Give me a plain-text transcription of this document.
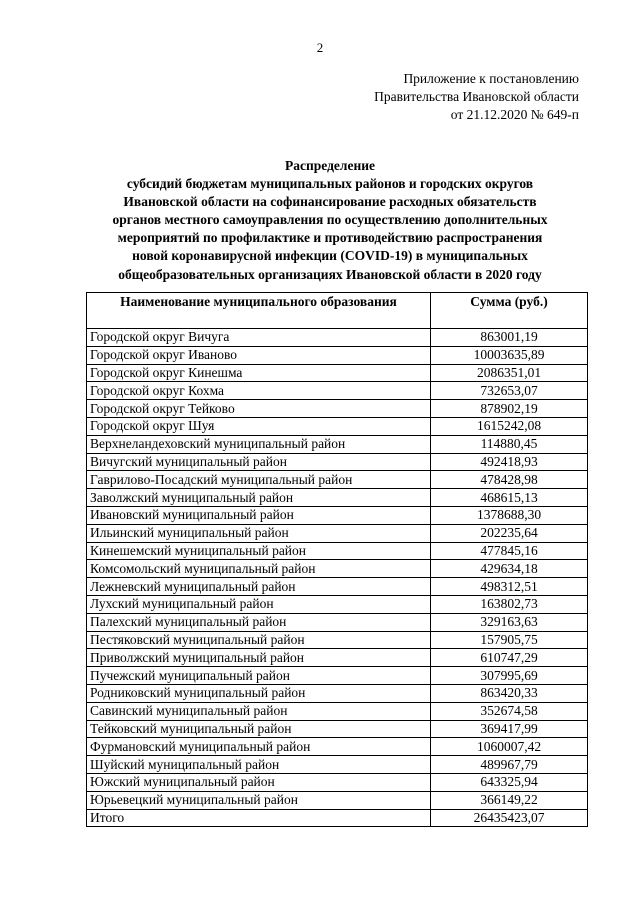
2
Приложение к постановлению
Правительства Ивановской области
от 21.12.2020 № 649-п
Распределение
субсидий бюджетам муниципальных районов и городских округов
Ивановской области на софинансирование расходных обязательств
органов местного самоуправления по осуществлению дополнительных
мероприятий по профилактике и противодействию распространения
новой коронавирусной инфекции (COVID-19) в муниципальных
общеобразовательных организациях Ивановской области в 2020 году
Наименование муниципального образования	Сумма (руб.)
Городской округ Вичуга	863001,19
Городской округ Иваново	10003635,89
Городской округ Кинешма	2086351,01
Городской округ Кохма	732653,07
Городской округ Тейково	878902,19
Городской округ Шуя	1615242,08
Верхнеландеховский муниципальный район	114880,45
Вичугский муниципальный район	492418,93
Гаврилово-Посадский муниципальный район	478428,98
Заволжский муниципальный район	468615,13
Ивановский муниципальный район	1378688,30
Ильинский муниципальный район	202235,64
Кинешемский муниципальный район	477845,16
Комсомольский муниципальный район	429634,18
Лежневский муниципальный район	498312,51
Лухский муниципальный район	163802,73
Палехский муниципальный район	329163,63
Пестяковский муниципальный район	157905,75
Приволжский муниципальный район	610747,29
Пучежский муниципальный район	307995,69
Родниковский муниципальный район	863420,33
Савинский муниципальный район	352674,58
Тейковский муниципальный район	369417,99
Фурмановский муниципальный район	1060007,42
Шуйский муниципальный район	489967,79
Южский муниципальный район	643325,94
Юрьевецкий муниципальный район	366149,22
Итого	26435423,07
